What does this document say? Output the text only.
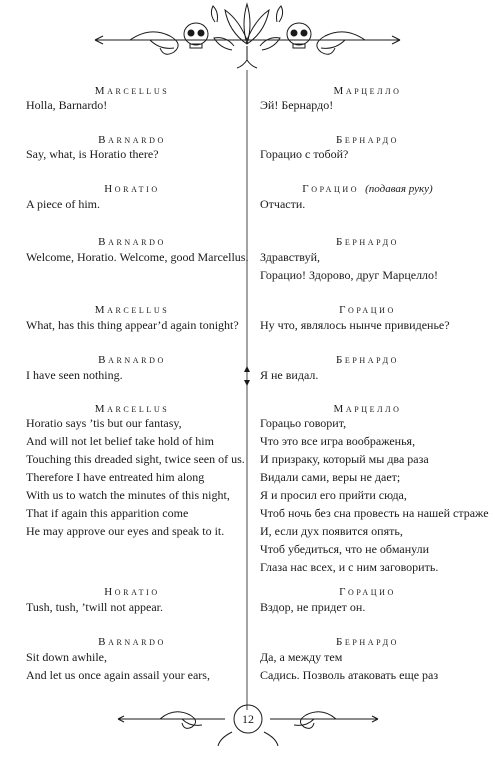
12
Marcellus
Holla, Barnardo!
Barnardo
Say, what, is Horatio there?
Horatio
A piece of him.
Barnardo
Welcome, Horatio. Welcome, good Marcellus.
Marcellus
What, has this thing appear’d again tonight?
Barnardo
I have seen nothing.
Marcellus
Horatio says ’tis but our fantasy,
And will not let belief take hold of him
Touching this dreaded sight, twice seen of us.
Therefore I have entreated him along
With us to watch the minutes of this night,
That if again this apparition come
He may approve our eyes and speak to it.
Horatio
Tush, tush, ’twill not appear.
Barnardo
Sit down awhile,
And let us once again assail your ears,
Марцелло
Эй! Бернардо!
Бернардо
Горацио с тобой?
Горацио (подавая руку)
Отчасти.
Бернардо
Здравствуй,
Горацио! Здорово, друг Марцелло!
Горацио
Ну что, являлось нынче привиденье?
Бернардо
Я не видал.
Марцелло
Горацьо говорит,
Что это все игра воображенья,
И призраку, который мы два раза
Видали сами, веры не дает;
Я и просил его прийти сюда,
Чтоб ночь без сна провесть на нашей страже
И, если дух появится опять,
Чтоб убедиться, что не обманули
Глаза нас всех, и с ним заговорить.
Горацио
Вздор, не придет он.
Бернардо
Да, а между тем
Садись. Позволь атаковать еще раз
